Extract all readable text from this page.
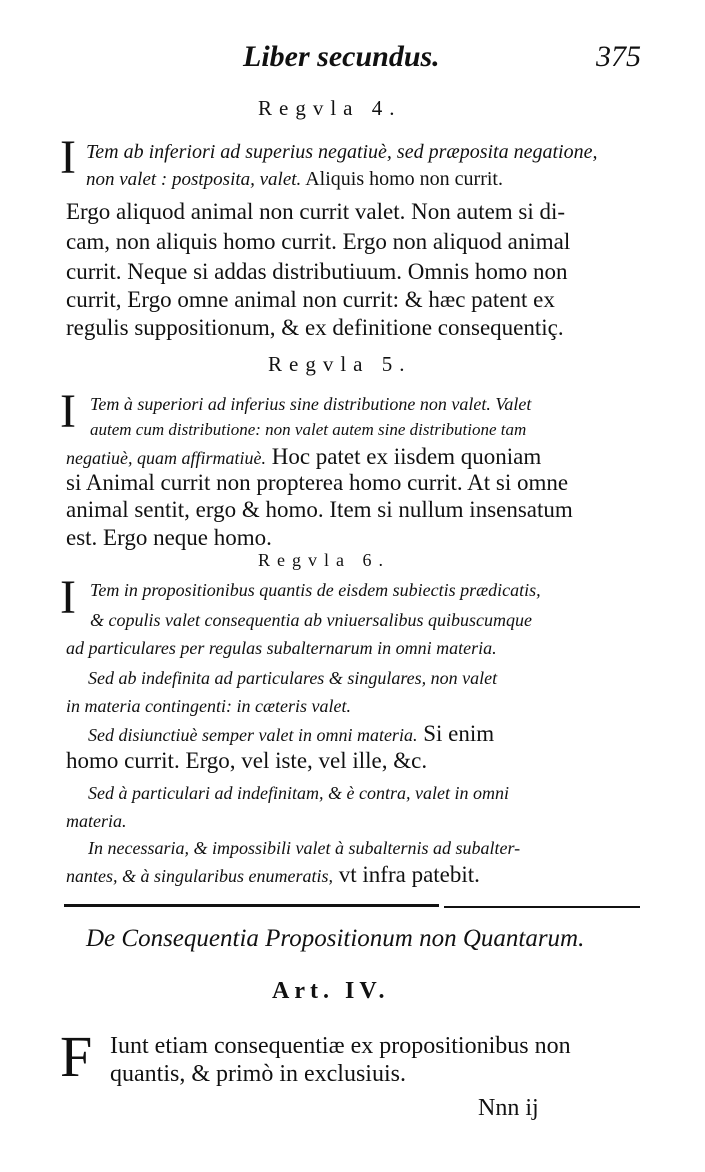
Liber secundus.	375
Regvla 4.
I Tem ab inferiori ad superius negatiuè, sed præposita negatione,
non valet : postposita, valet. Aliquis homo non currit.
Ergo aliquod animal non currit valet. Non autem si di-
cam, non aliquis homo currit. Ergo non aliquod animal
currit. Neque si addas distributiuum. Omnis homo non
currit, Ergo omne animal non currit: & hæc patent ex
regulis suppositionum, & ex definitione consequentiç.
Regvla 5.
I Tem à superiori ad inferius sine distributione non valet. Valet
autem cum distributione: non valet autem sine distributione tam
negatiuè, quam affirmatiuè. Hoc patet ex iisdem quoniam
si Animal currit non propterea homo currit. At si omne
animal sentit, ergo & homo. Item si nullum insensatum
est. Ergo neque homo.
Regvla 6.
I Tem in propositionibus quantis de eisdem subiectis prædicatis,
& copulis valet consequentia ab vniuersalibus quibuscumque
ad particulares per regulas subalternarum in omni materia.
Sed ab indefinita ad particulares & singulares, non valet
in materia contingenti: in cæteris valet.
Sed disiunctiuè semper valet in omni materia. Si enim
homo currit. Ergo, vel iste, vel ille, &c.
Sed à particulari ad indefinitam, & è contra, valet in omni
materia.
In necessaria, & impossibili valet à subalternis ad subalter-
nantes, & à singularibus enumeratis, vt infra patebit.
De Consequentia Propositionum non Quantarum.
Art. IV.
F Iunt etiam consequentiæ ex propositionibus non
quantis, & primò in exclusiuis.
Nnn ij
